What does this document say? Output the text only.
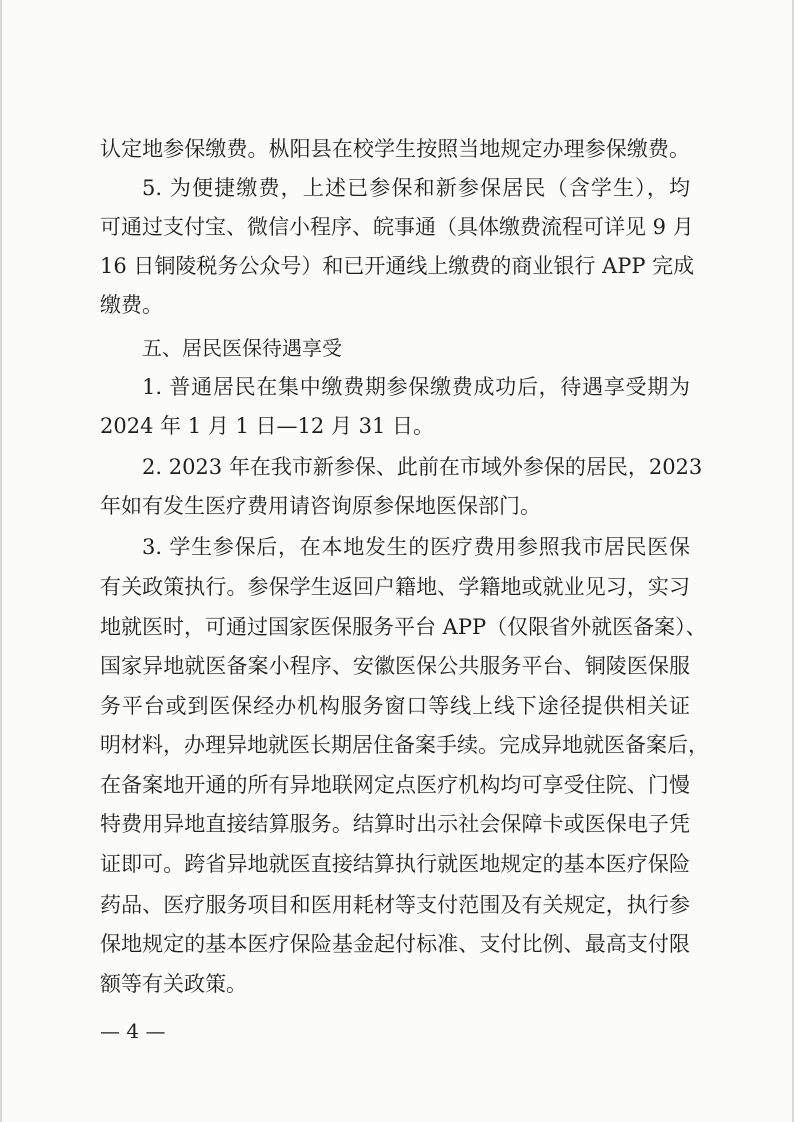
认定地参保缴费。枞阳县在校学生按照当地规定办理参保缴费。
5. 为便捷缴费，上述已参保和新参保居民（含学生），均
可通过支付宝、微信小程序、皖事通（具体缴费流程可详见 9 月
16 日铜陵税务公众号）和已开通线上缴费的商业银行 APP 完成
缴费。
五、居民医保待遇享受
1. 普通居民在集中缴费期参保缴费成功后，待遇享受期为
2024 年 1 月 1 日—12 月 31 日。
2. 2023 年在我市新参保、此前在市域外参保的居民，2023
年如有发生医疗费用请咨询原参保地医保部门。
3. 学生参保后，在本地发生的医疗费用参照我市居民医保
有关政策执行。参保学生返回户籍地、学籍地或就业见习，实习
地就医时，可通过国家医保服务平台 APP（仅限省外就医备案）、
国家异地就医备案小程序、安徽医保公共服务平台、铜陵医保服
务平台或到医保经办机构服务窗口等线上线下途径提供相关证
明材料，办理异地就医长期居住备案手续。完成异地就医备案后，
在备案地开通的所有异地联网定点医疗机构均可享受住院、门慢
特费用异地直接结算服务。结算时出示社会保障卡或医保电子凭
证即可。跨省异地就医直接结算执行就医地规定的基本医疗保险
药品、医疗服务项目和医用耗材等支付范围及有关规定，执行参
保地规定的基本医疗保险基金起付标准、支付比例、最高支付限
额等有关政策。
— 4 —
